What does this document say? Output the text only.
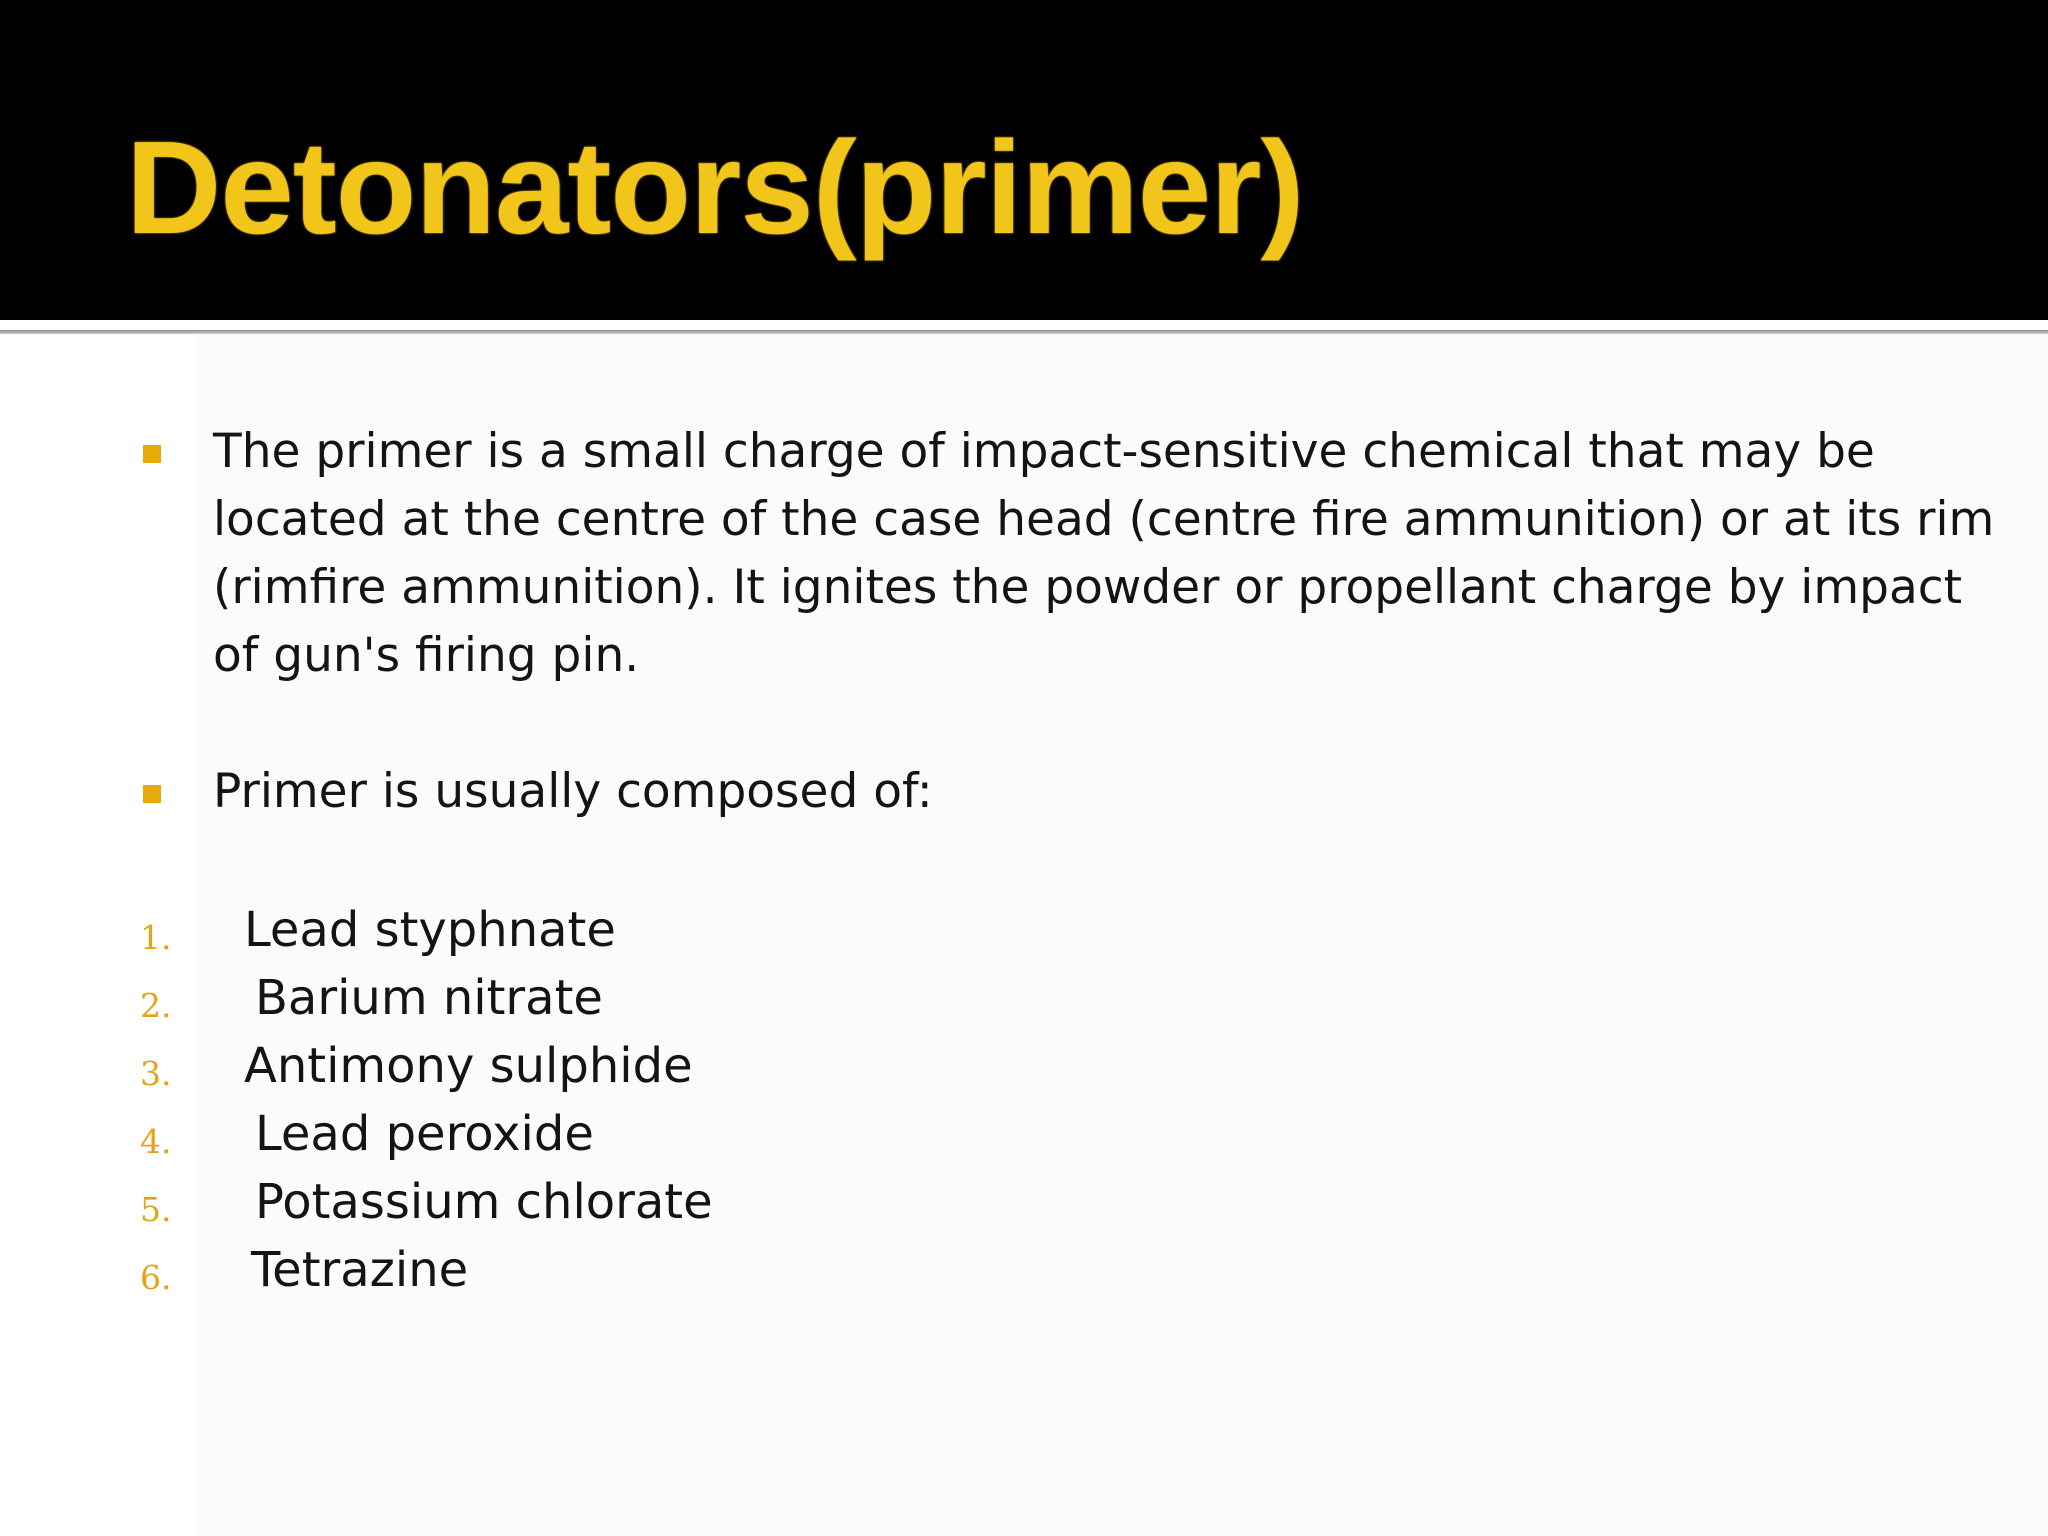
Detonators(primer)

The primer is a small charge of impact-sensitive chemical that may be located at the centre of the case head (centre fire ammunition) or at its rim (rimfire ammunition). It ignites the powder or propellant charge by impact of gun's firing pin.

Primer is usually composed of:

1. Lead styphnate
2. Barium nitrate
3. Antimony sulphide
4. Lead peroxide
5. Potassium chlorate
6. Tetrazine
